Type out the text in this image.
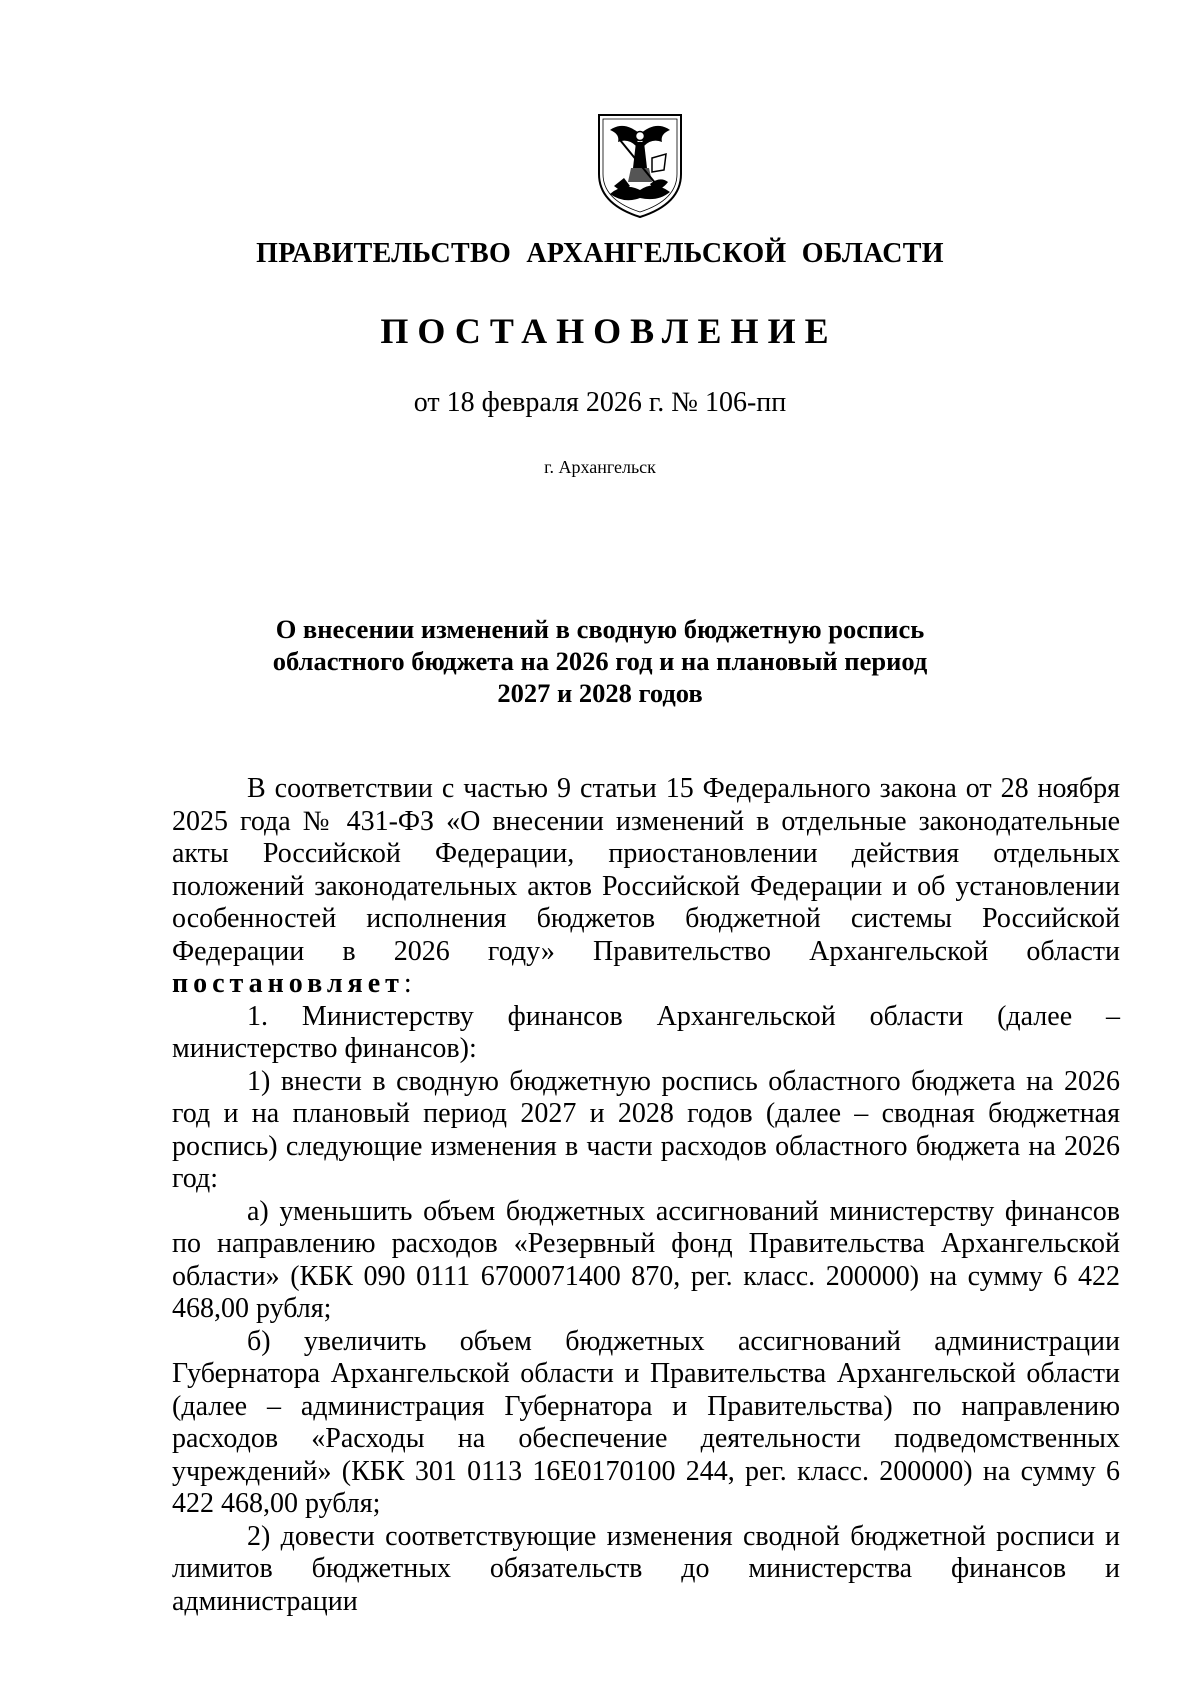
ПРАВИТЕЛЬСТВО АРХАНГЕЛЬСКОЙ ОБЛАСТИ
ПОСТАНОВЛЕНИЕ

от 18 февраля 2026 г. № 106-пп

г. Архангельск

О внесении изменений в сводную бюджетную роспись
областного бюджета на 2026 год и на плановый период
2027 и 2028 годов

В соответствии с частью 9 статьи 15 Федерального закона от 28 ноября 2025 года № 431-ФЗ «О внесении изменений в отдельные законодательные акты Российской Федерации, приостановлении действия отдельных положений законодательных актов Российской Федерации и об установлении особенностей исполнения бюджетов бюджетной системы Российской Федерации в 2026 году» Правительство Архангельской области постановляет:

1. Министерству финансов Архангельской области (далее – министерство финансов):

1) внести в сводную бюджетную роспись областного бюджета на 2026 год и на плановый период 2027 и 2028 годов (далее – сводная бюджетная роспись) следующие изменения в части расходов областного бюджета на 2026 год:

а) уменьшить объем бюджетных ассигнований министерству финансов по направлению расходов «Резервный фонд Правительства Архангельской области» (КБК 090 0111 6700071400 870, рег. класс. 200000) на сумму 6 422 468,00 рубля;

б) увеличить объем бюджетных ассигнований администрации Губернатора Архангельской области и Правительства Архангельской области (далее – администрация Губернатора и Правительства) по направлению расходов «Расходы на обеспечение деятельности подведомственных учреждений» (КБК 301 0113 16Е0170100 244, рег. класс. 200000) на сумму 6 422 468,00 рубля;

2) довести соответствующие изменения сводной бюджетной росписи и лимитов бюджетных обязательств до министерства финансов и администрации
